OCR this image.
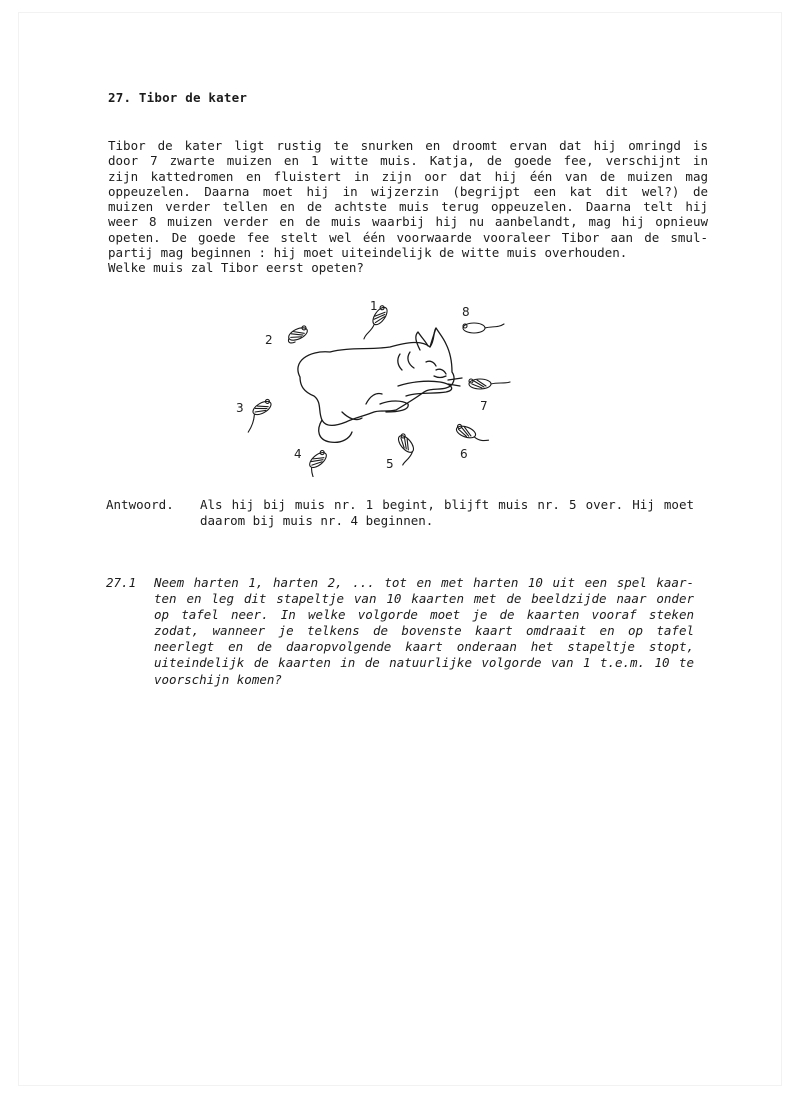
27. Tibor de kater
Tibor de kater ligt rustig te snurken en droomt ervan dat hij omringd is
door 7 zwarte muizen en 1 witte muis. Katja, de goede fee, verschijnt in
zijn kattedromen en fluistert in zijn oor dat hij één van de muizen mag
oppeuzelen. Daarna moet hij in wijzerzin (begrijpt een kat dit wel?) de
muizen verder tellen en de achtste muis terug oppeuzelen. Daarna telt hij
weer 8 muizen verder en de muis waarbij hij nu aanbelandt, mag hij opnieuw
opeten. De goede fee stelt wel één voorwaarde vooraleer Tibor aan de smul-
partij mag beginnen : hij moet uiteindelijk de witte muis overhouden.
Welke muis zal Tibor eerst opeten?
1
2
3
4
5
6
7
8
Antwoord. Als hij bij muis nr. 1 begint, blijft muis nr. 5 over. Hij moet
daarom bij muis nr. 4 beginnen.
27.1 Neem harten 1, harten 2, ... tot en met harten 10 uit een spel kaar-
ten en leg dit stapeltje van 10 kaarten met de beeldzijde naar onder
op tafel neer. In welke volgorde moet je de kaarten vooraf steken
zodat, wanneer je telkens de bovenste kaart omdraait en op tafel
neerlegt en de daaropvolgende kaart onderaan het stapeltje stopt,
uiteindelijk de kaarten in de natuurlijke volgorde van 1 t.e.m. 10 te
voorschijn komen?
